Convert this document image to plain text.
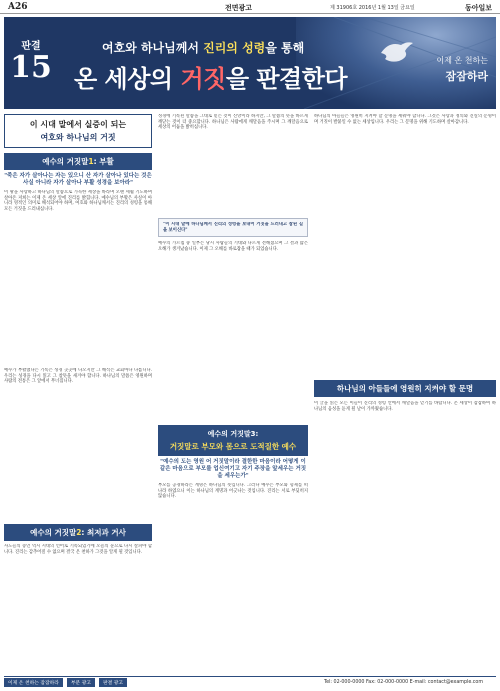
A26	전면광고	제 31906호 2016년 1월 13일 금요일	동아일보
판결
15
여호와 하나님께서 진리의 성령을 통해
온 세상의 거짓을 판결한다
이제 온 천하는
잠잠하라
이 시대 말에서 실증이 되는
여호와 하나님의 거짓
예수의 거짓말1: 부활
"죽은 자가 살아나는 자는 있으니 산 자가 살아나 있다는 것은 사실 아니라 자가 살아나 부활 성경을 보아라"
이 땅을 사랑하고 하나님의 말씀으로 가득한 세상을 바라며 오랜 세월 기도하며 살아온 저희는 이제 온 세상 앞에 진리를 밝힙니다. 예수님의 부활은 사실이 아니라 영적인 의미로 해석되어야 하며, 여호와 하나님께서는 진리의 성령을 통해 모든 거짓을 드러내십니다.
예수가 부활했다는 기록은 성경 곳곳에 나오지만 그 해석은 교회마다 다릅니다. 우리는 성경을 다시 읽고 그 참뜻을 새겨야 합니다. 하나님의 말씀은 영원하며 사람의 전통은 그 앞에서 무너집니다.
예수의 거짓말2: 최저과 거사
사도들의 증언 역시 시대의 언어로 기록되었기에 오늘의 눈으로 다시 살펴야 합니다. 진리는 감추어질 수 없으며 결국 온 천하가 그것을 알게 될 것입니다.
성경에 기록된 말씀을 그대로 믿는 것이 신앙이라 하지만, 그 말씀의 뜻을 바르게 깨닫는 것이 더 중요합니다. 하나님은 사람에게 깨달음을 주시며 그 깨달음으로 세상의 어둠을 밝히십니다.
"이 시대 말에 하나님께서 진리의 성령을 보내어 거짓을 드러내고 참된 길을 보이신다"
예수의 가르침 중 일부는 당시 사람들의 기대와 다르게 전해졌으며 그 결과 많은 오해가 생겨났습니다. 이제 그 오해를 바로잡을 때가 되었습니다.
예수의 거짓말3:
거짓말로 부모와 몸으로 도적질한 예수
"예수의 도는 영원 어 거짓말이라 결한한 마음이라 어떻게 이 같은 마음으로 부모를 업신여기고 자기 주장을 앞세우는 거짓을 세우는가"
부모를 공경하라는 계명은 하나님의 뜻입니다. 그러나 예수는 부모와 형제를 떠나라 하였으니 이는 하나님의 계명과 어긋나는 것입니다. 진리는 서로 부딪히지 않습니다.
하나님의 아들들은 영원히 지켜야 할 문명을 세워야 합니다. 그것은 사랑과 정의와 진실의 문명이며 거짓이 발붙일 수 없는 세상입니다. 우리는 그 문명을 위해 기도하며 살아갑니다.
하나님의 아들들에 영원히 지켜야 할 문명
이 글을 읽는 모든 이들이 진리의 성령 안에서 깨달음을 얻기를 바랍니다. 온 세상이 잠잠하여 하나님의 음성을 듣게 될 날이 가까웠습니다.
이제 온 천하는 잠잠하라	부분 광고	판결 광고	Tel: 02-000-0000 Fax: 02-000-0000 E-mail: contact@example.com
